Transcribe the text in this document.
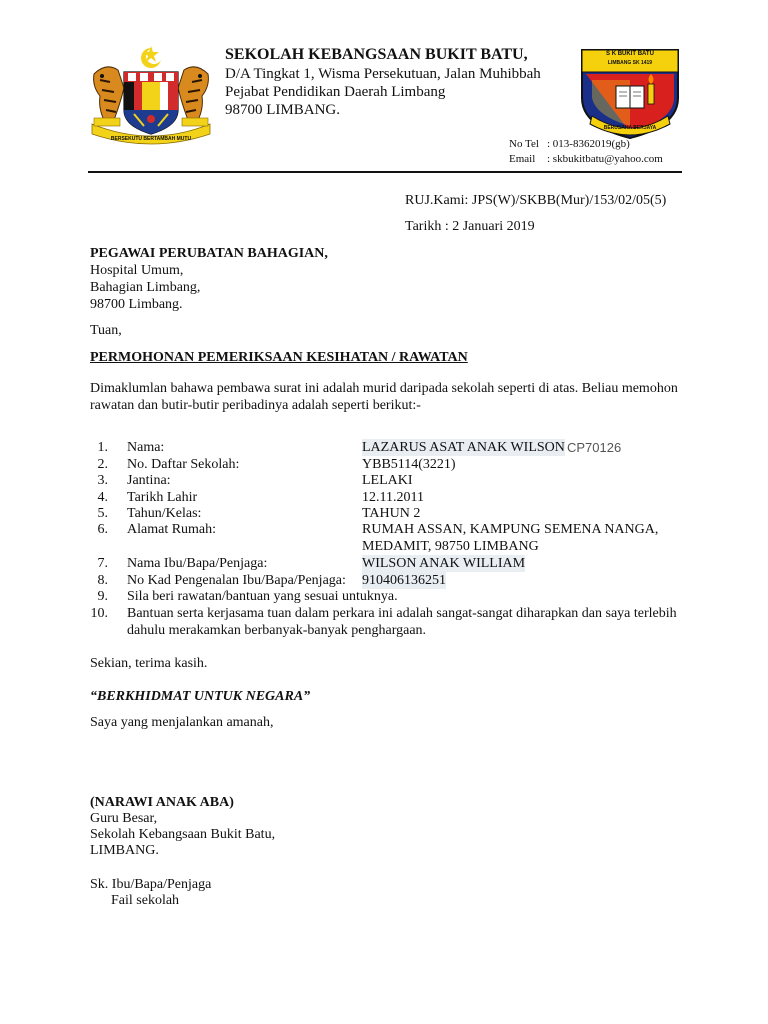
SEKOLAH KEBANGSAAN BUKIT BATU,
D/A Tingkat 1, Wisma Persekutuan, Jalan Muhibbah
Pejabat Pendidikan Daerah Limbang
98700 LIMBANG.
S K BUKIT BATU
LIMBANG SK 1419
BERUSAHA BERJAYA
BERSEKUTU BERTAMBAH MUTU	No Tel : 013-8362019(gb)
Email : skbukitbatu@yahoo.com
RUJ.Kami: JPS(W)/SKBB(Mur)/153/02/05(5)
Tarikh : 2 Januari 2019
PEGAWAI PERUBATAN BAHAGIAN,
Hospital Umum,
Bahagian Limbang,
98700 Limbang.
Tuan,
PERMOHONAN PEMERIKSAAN KESIHATAN / RAWATAN
Dimaklumlan bahawa pembawa surat ini adalah murid daripada sekolah seperti di atas. Beliau memohon
rawatan dan butir-butir peribadinya adalah seperti berikut:-
1. Nama:	LAZARUS ASAT ANAK WILSON CP70126
2. No. Daftar Sekolah:	YBB5114(3221)
3. Jantina:	LELAKI
4. Tarikh Lahir	12.11.2011
5. Tahun/Kelas:	TAHUN 2
6. Alamat Rumah:	RUMAH ASSAN, KAMPUNG SEMENA NANGA,
MEDAMIT, 98750 LIMBANG
7. Nama Ibu/Bapa/Penjaga:	WILSON ANAK WILLIAM
8. No Kad Pengenalan Ibu/Bapa/Penjaga: 910406136251
9. Sila beri rawatan/bantuan yang sesuai untuknya.
10. Bantuan serta kerjasama tuan dalam perkara ini adalah sangat-sangat diharapkan dan saya terlebih
dahulu merakamkan berbanyak-banyak penghargaan.
Sekian, terima kasih.
“BERKHIDMAT UNTUK NEGARA”
Saya yang menjalankan amanah,
(NARAWI ANAK ABA)
Guru Besar,
Sekolah Kebangsaan Bukit Batu,
LIMBANG.
Sk. Ibu/Bapa/Penjaga
Fail sekolah
